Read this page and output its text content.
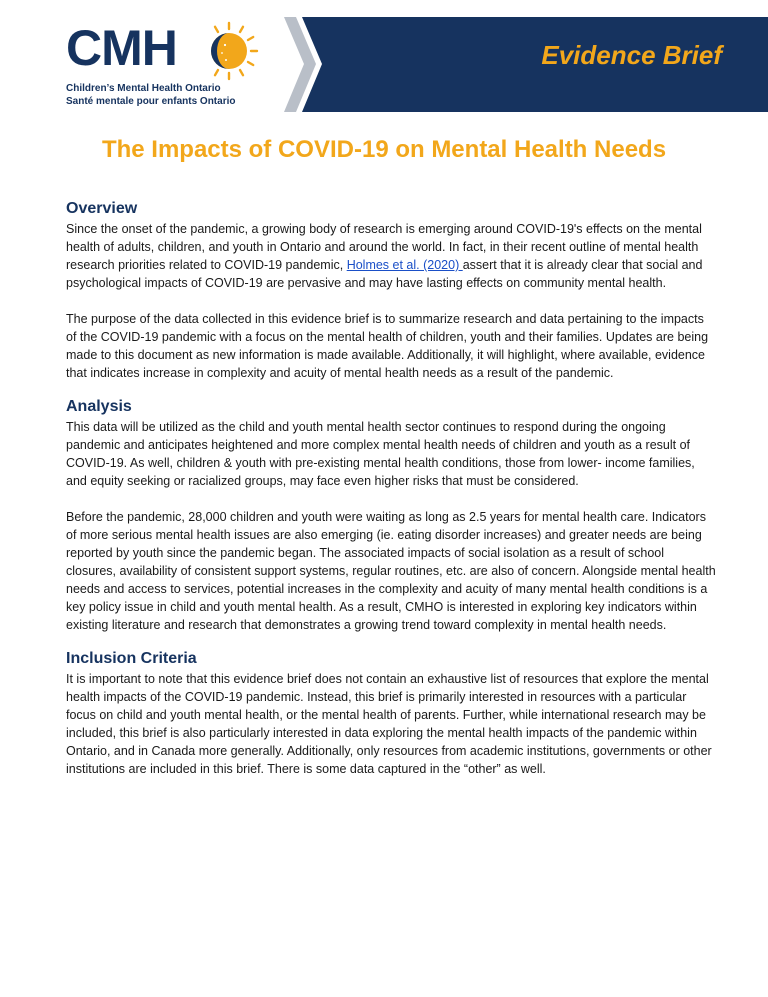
CMH
Children’s Mental Health Ontario
Santé mentale pour enfants Ontario
Evidence Brief
The Impacts of COVID-19 on Mental Health Needs
Overview

Since the onset of the pandemic, a growing body of research is emerging around COVID-19's effects on the mental health of adults, children, and youth in Ontario and around the world. In fact, in their recent outline of mental health research priorities related to COVID-19 pandemic, Holmes et al. (2020) assert that it is already clear that social and psychological impacts of COVID-19 are pervasive and may have lasting effects on community mental health.

The purpose of the data collected in this evidence brief is to summarize research and data pertaining to the impacts of the COVID-19 pandemic with a focus on the mental health of children, youth and their families. Updates are being made to this document as new information is made available. Additionally, it will highlight, where available, evidence that indicates increase in complexity and acuity of mental health needs as a result of the pandemic.

Analysis

This data will be utilized as the child and youth mental health sector continues to respond during the ongoing pandemic and anticipates heightened and more complex mental health needs of children and youth as a result of COVID-19. As well, children & youth with pre-existing mental health conditions, those from lower- income families, and equity seeking or racialized groups, may face even higher risks that must be considered.

Before the pandemic, 28,000 children and youth were waiting as long as 2.5 years for mental health care. Indicators of more serious mental health issues are also emerging (ie. eating disorder increases) and greater needs are being reported by youth since the pandemic began. The associated impacts of social isolation as a result of school closures, availability of consistent support systems, regular routines, etc. are also of concern. Alongside mental health needs and access to services, potential increases in the complexity and acuity of many mental health conditions is a key policy issue in child and youth mental health. As a result, CMHO is interested in exploring key indicators within existing literature and research that demonstrates a growing trend toward complexity in mental health needs.

Inclusion Criteria

It is important to note that this evidence brief does not contain an exhaustive list of resources that explore the mental health impacts of the COVID-19 pandemic. Instead, this brief is primarily interested in resources with a particular focus on child and youth mental health, or the mental health of parents. Further, while international research may be included, this brief is also particularly interested in data exploring the mental health impacts of the pandemic within Ontario, and in Canada more generally. Additionally, only resources from academic institutions, governments or other institutions are included in this brief. There is some data captured in the “other” as well.
